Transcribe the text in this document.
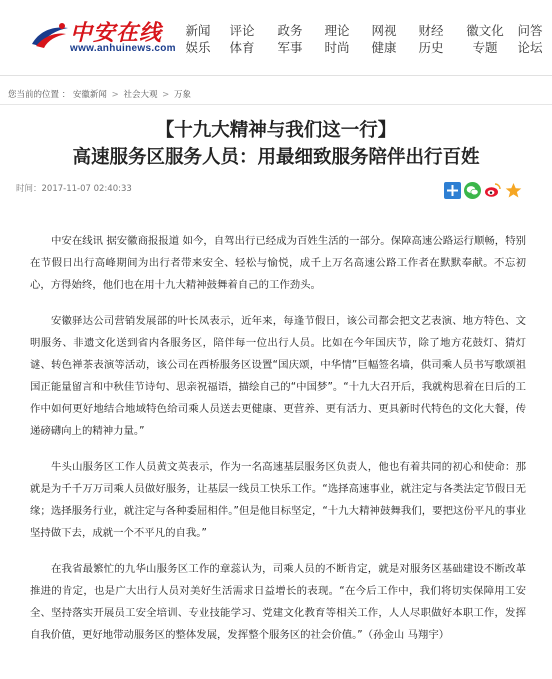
中安在线
www.anhuinews.com
新闻
娱乐
评论
体育
政务
军事
理论
时尚
网视
健康
财经
历史
徽文化
专题
问答
论坛
您当前的位置 ： 安徽新闻 > 社会大观 > 万象
【十九大精神与我们这一行】
高速服务区服务人员：用最细致服务陪伴出行百姓
时间：2017-11-07 02:40:33

中安在线讯 据安徽商报报道 如今，自驾出行已经成为百姓生活的一部分。保障高速公路运行顺畅，特别在节假日出行高峰期间为出行者带来安全、轻松与愉悦，成千上万名高速公路工作者在默默奉献。不忘初心，方得始终，他们也在用十九大精神鼓舞着自己的工作劲头。

安徽驿达公司营销发展部的叶长凤表示，近年来，每逢节假日，该公司都会把文艺表演、地方特色、文明服务、非遗文化送到省内各服务区，陪伴每一位出行人员。比如在今年国庆节，除了地方花鼓灯、猜灯谜、转色禅茶表演等活动，该公司在西桥服务区设置“国庆颂，中华情”巨幅签名墙，供司乘人员书写歌颂祖国正能量留言和中秋佳节诗句、思亲祝福语，描绘自己的“中国梦”。“十九大召开后，我就构思着在日后的工作中如何更好地结合地域特色给司乘人员送去更健康、更营养、更有活力、更具新时代特色的文化大餐，传递磅礴向上的精神力量。”

牛头山服务区工作人员黄文英表示，作为一名高速基层服务区负责人，他也有着共同的初心和使命：那就是为千千万万司乘人员做好服务，让基层一线员工快乐工作。“选择高速事业，就注定与各类法定节假日无缘；选择服务行业，就注定与各种委屈相伴。”但是他目标坚定，“十九大精神鼓舞我们，要把这份平凡的事业坚持做下去，成就一个不平凡的自我。”

在我省最繁忙的九华山服务区工作的章蕊认为，司乘人员的不断肯定，就是对服务区基础建设不断改革推进的肯定，也是广大出行人员对美好生活需求日益增长的表现。“在今后工作中，我们将切实保障用工安全、坚持落实开展员工安全培训、专业技能学习、党建文化教育等相关工作，人人尽职做好本职工作，发挥自我价值，更好地带动服务区的整体发展，发挥整个服务区的社会价值。”（孙金山 马翔宇）
